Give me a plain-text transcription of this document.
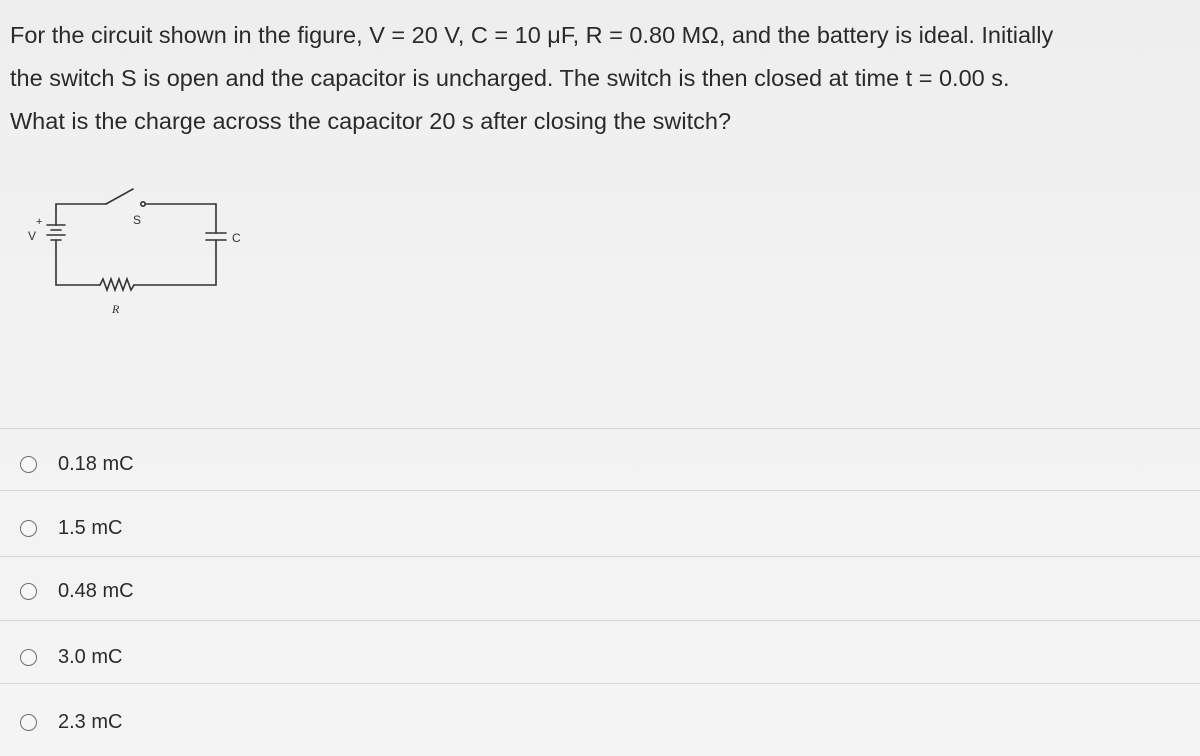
For the circuit shown in the figure, V = 20 V, C = 10 μF, R = 0.80 MΩ, and the battery is ideal. Initially

the switch S is open and the capacitor is uncharged. The switch is then closed at time t = 0.00 s.

What is the charge across the capacitor 20 s after closing the switch?

+
V
S
C
R
0.18 mC
1.5 mC
0.48 mC
3.0 mC
2.3 mC
